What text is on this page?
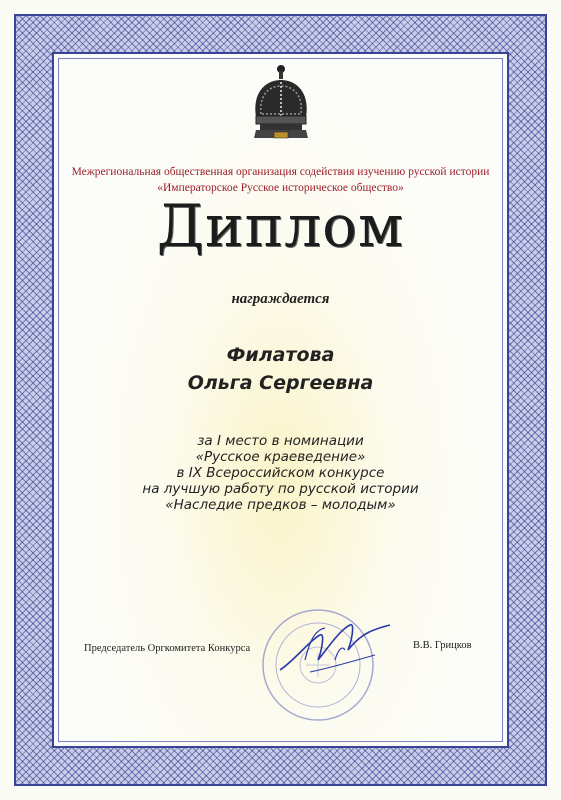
Межрегиональная общественная организация содействия изучению русской истории
«Императорское Русское историческое общество»
Диплом
награждается
Филатова
Ольга Сергеевна
за I место в номинации
«Русское краеведение»
в IX Всероссийском конкурсе
на лучшую работу по русской истории
«Наследие предков – молодым»
Председатель Оргкомитета Конкурса	В.В. Грицков
